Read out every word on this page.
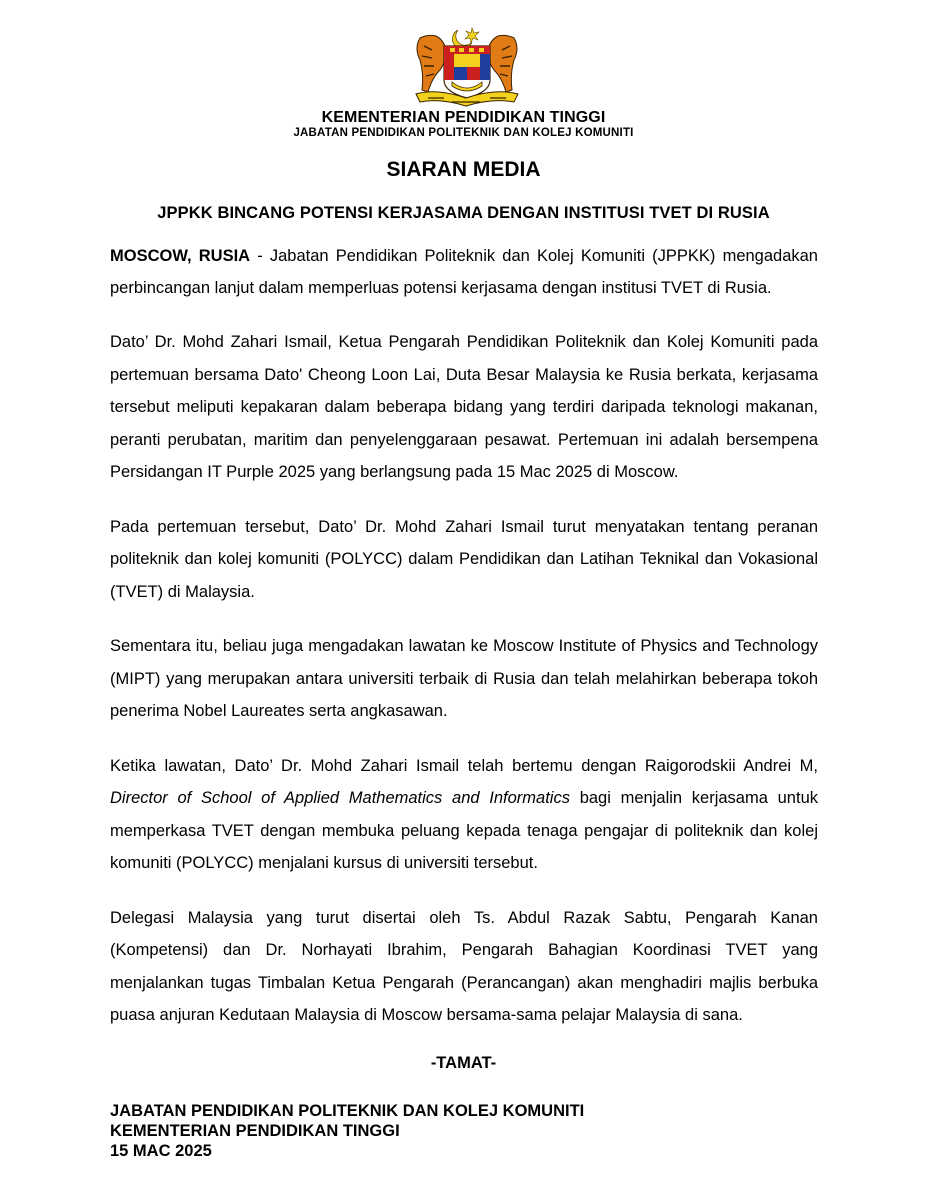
KEMENTERIAN PENDIDIKAN TINGGI
JABATAN PENDIDIKAN POLITEKNIK DAN KOLEJ KOMUNITI
SIARAN MEDIA
JPPKK BINCANG POTENSI KERJASAMA DENGAN INSTITUSI TVET DI RUSIA

MOSCOW, RUSIA - Jabatan Pendidikan Politeknik dan Kolej Komuniti (JPPKK) mengadakan perbincangan lanjut dalam memperluas potensi kerjasama dengan institusi TVET di Rusia.

Dato’ Dr. Mohd Zahari Ismail, Ketua Pengarah Pendidikan Politeknik dan Kolej Komuniti pada pertemuan bersama Dato' Cheong Loon Lai, Duta Besar Malaysia ke Rusia berkata, kerjasama tersebut meliputi kepakaran dalam beberapa bidang yang terdiri daripada teknologi makanan, peranti perubatan, maritim dan penyelenggaraan pesawat. Pertemuan ini adalah bersempena Persidangan IT Purple 2025 yang berlangsung pada 15 Mac 2025 di Moscow.

Pada pertemuan tersebut, Dato’ Dr. Mohd Zahari Ismail turut menyatakan tentang peranan politeknik dan kolej komuniti (POLYCC) dalam Pendidikan dan Latihan Teknikal dan Vokasional (TVET) di Malaysia.

Sementara itu, beliau juga mengadakan lawatan ke Moscow Institute of Physics and Technology (MIPT) yang merupakan antara universiti terbaik di Rusia dan telah melahirkan beberapa tokoh penerima Nobel Laureates serta angkasawan.

Ketika lawatan, Dato’ Dr. Mohd Zahari Ismail telah bertemu dengan Raigorodskii Andrei M, Director of School of Applied Mathematics and Informatics bagi menjalin kerjasama untuk memperkasa TVET dengan membuka peluang kepada tenaga pengajar di politeknik dan kolej komuniti (POLYCC) menjalani kursus di universiti tersebut.

Delegasi Malaysia yang turut disertai oleh Ts. Abdul Razak Sabtu, Pengarah Kanan (Kompetensi) dan Dr. Norhayati Ibrahim, Pengarah Bahagian Koordinasi TVET yang menjalankan tugas Timbalan Ketua Pengarah (Perancangan) akan menghadiri majlis berbuka puasa anjuran Kedutaan Malaysia di Moscow bersama-sama pelajar Malaysia di sana.

-TAMAT-
JABATAN PENDIDIKAN POLITEKNIK DAN KOLEJ KOMUNITI
KEMENTERIAN PENDIDIKAN TINGGI
15 MAC 2025
